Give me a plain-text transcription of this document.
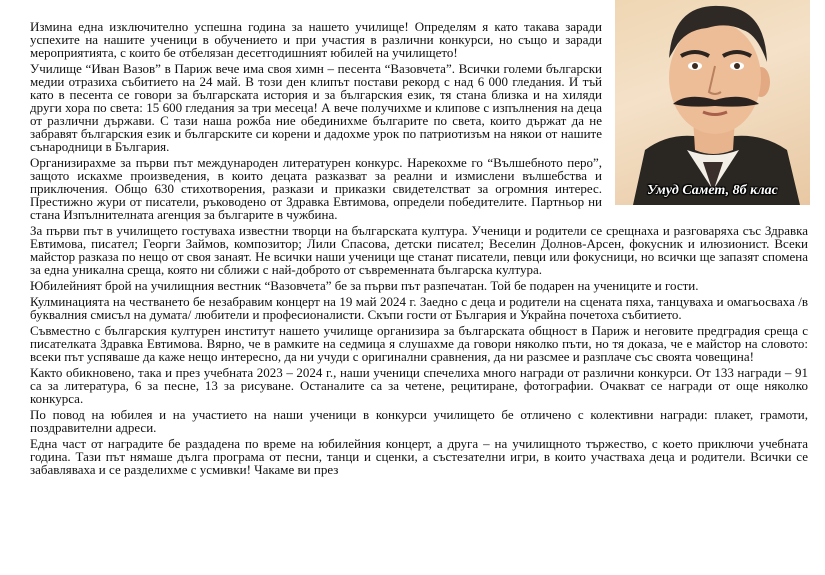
Умуд Самет, 8б клас

Измина една изключително успешна година за нашето училище! Определям я като такава заради успехите на нашите ученици в обучението и при участия в различни конкурси, но също и заради мероприятията, с които бе отбелязан десетгодишният юбилей на училището!

Училище “Иван Вазов” в Париж вече има своя химн – песента “Вазовчета”. Всички големи български медии отразиха събитието на 24 май. В този ден клипът постави рекорд с над 6 000 гледания. И тъй като в песента се говори за българската история и за българския език, тя стана близка и на хиляди други хора по света: 15 600 гледания за три месеца! А вече получихме и клипове с изпълнения на деца от различни държави. С тази наша рожба ние обединихме българите по света, които държат да не забравят българския език и българските си корени и дадохме урок по патриотизъм на някои от нашите сънародници в България.

Организирахме за първи път международен литературен конкурс. Нарекохме го “Вълшебното перо”, защото искахме произведения, в които децата разказват за реални и измислени вълшебства и приключения. Общо 630 стихотворения, разкази и приказки свидетелстват за огромния интерес. Престижно жури от писатели, ръководено от Здравка Евтимова, определи победителите. Партньор ни стана Изпълнителната агенция за българите в чужбина.

За първи път в училището гостуваха известни творци на българската култура. Ученици и родители се срещнаха и разговаряха със Здравка Евтимова, писател; Георги Займов, композитор; Лили Спасова, детски писател; Веселин Долнов-Арсен, фокусник и илюзионист. Всеки майстор разказа по нещо от своя занаят. Не всички наши ученици ще станат писатели, певци или фокусници, но всички ще запазят спомена за една уникална среща, която ни сближи с най-доброто от съвременната българска култура.

Юбилейният брой на училищния вестник “Вазовчета” бе за първи път разпечатан. Той бе подарен на учениците и гости.

Кулминацията на честването бе незабравим концерт на 19 май 2024 г. Заедно с деца и родители на сцената пяха, танцуваха и омагьосваха /в буквалния смисъл на думата/ любители и професионалисти. Скъпи гости от България и Украйна почетоха събитието.

Съвместно с българския културен институт нашето училище организира за българската общност в Париж и неговите предградия среща с писателката Здравка Евтимова. Вярно, че в рамките на седмица я слушахме да говори няколко пъти, но тя доказа, че е майстор на словото: всеки път успяваше да каже нещо интересно, да ни учуди с оригинални сравнения, да ни разсмее и разплаче със своята човещина!

Както обикновено, така и през учебната 2023 – 2024 г., наши ученици спечелиха много награди от различни конкурси. От 133 награди – 91 са за литература, 6 за песне, 13 за рисуване. Останалите са за четене, рецитиране, фотографии. Очакват се награди от още няколко конкурса.

По повод на юбилея и на участието на наши ученици в конкурси училището бе отличено с колективни награди: плакет, грамоти, поздравителни адреси.

Една част от наградите бе раздадена по време на юбилейния концерт, а друга – на училищното тържество, с което приключи учебната година. Тази път нямаше дълга програма от песни, танци и сценки, а състезателни игри, в които участваха деца и родители. Всички се забавляваха и се разделихме с усмивки! Чакаме ви през
